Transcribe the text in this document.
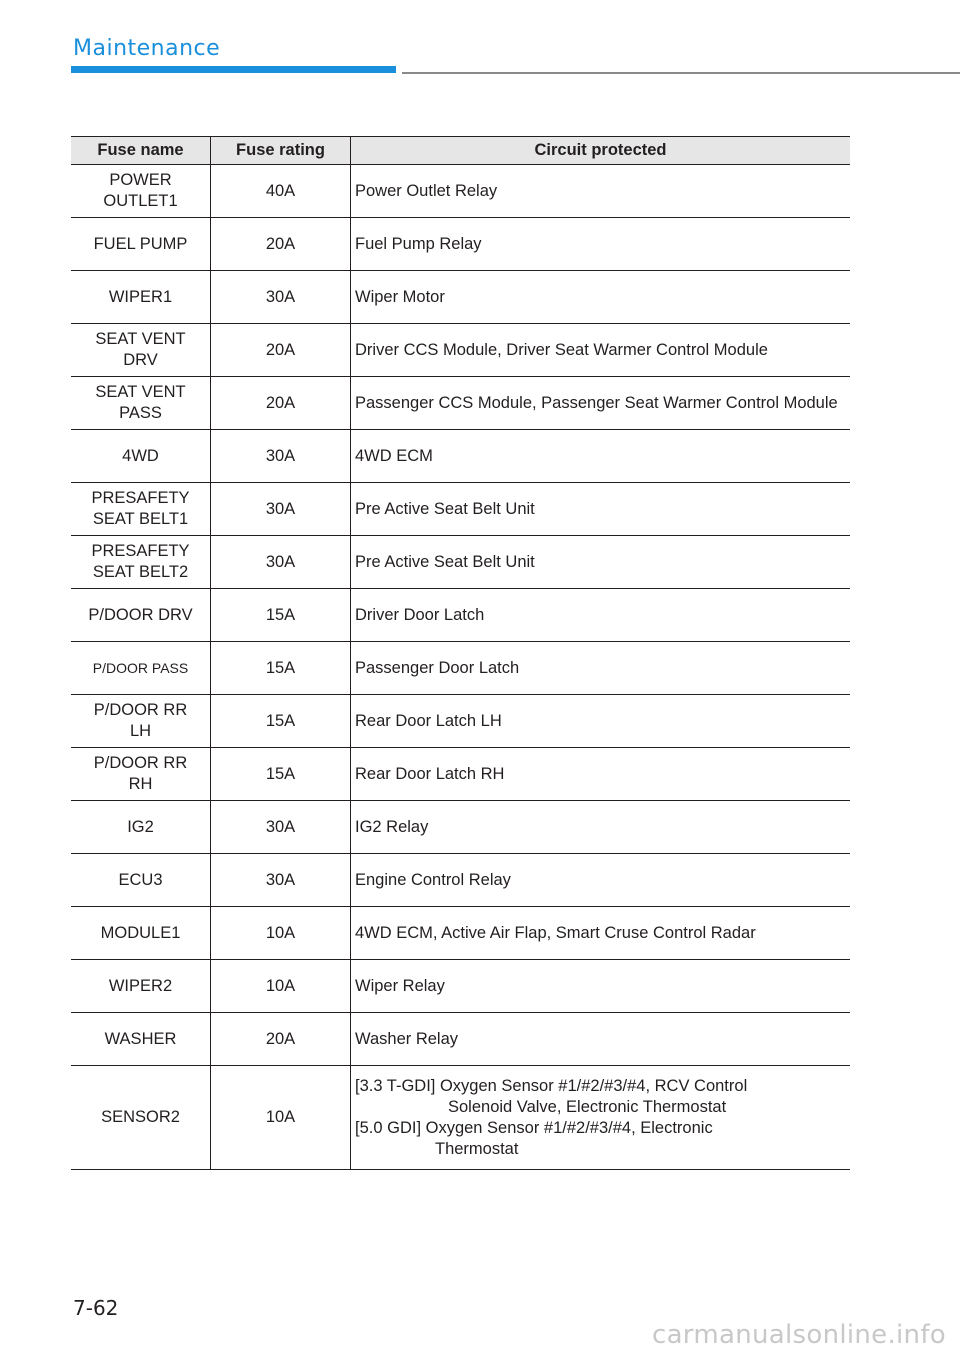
Maintenance
Fuse name	Fuse rating	Circuit protected
POWER OUTLET1	40A	Power Outlet Relay
FUEL PUMP	20A	Fuel Pump Relay
WIPER1	30A	Wiper Motor
SEAT VENT DRV	20A	Driver CCS Module, Driver Seat Warmer Control Module
SEAT VENT PASS	20A	Passenger CCS Module, Passenger Seat Warmer Control Module
4WD	30A	4WD ECM
PRESAFETY SEAT BELT1	30A	Pre Active Seat Belt Unit
PRESAFETY SEAT BELT2	30A	Pre Active Seat Belt Unit
P/DOOR DRV	15A	Driver Door Latch
P/DOOR PASS	15A	Passenger Door Latch
P/DOOR RR LH	15A	Rear Door Latch LH
P/DOOR RR RH	15A	Rear Door Latch RH
IG2	30A	IG2 Relay
ECU3	30A	Engine Control Relay
MODULE1	10A	4WD ECM, Active Air Flap, Smart Cruse Control Radar
WIPER2	10A	Wiper Relay
WASHER	20A	Washer Relay
SENSOR2	10A	[3.3 T-GDI] Oxygen Sensor #1/#2/#3/#4, RCV Control
Solenoid Valve, Electronic Thermostat
[5.0 GDI] Oxygen Sensor #1/#2/#3/#4, Electronic
Thermostat
7-62
carmanualsonline.info
